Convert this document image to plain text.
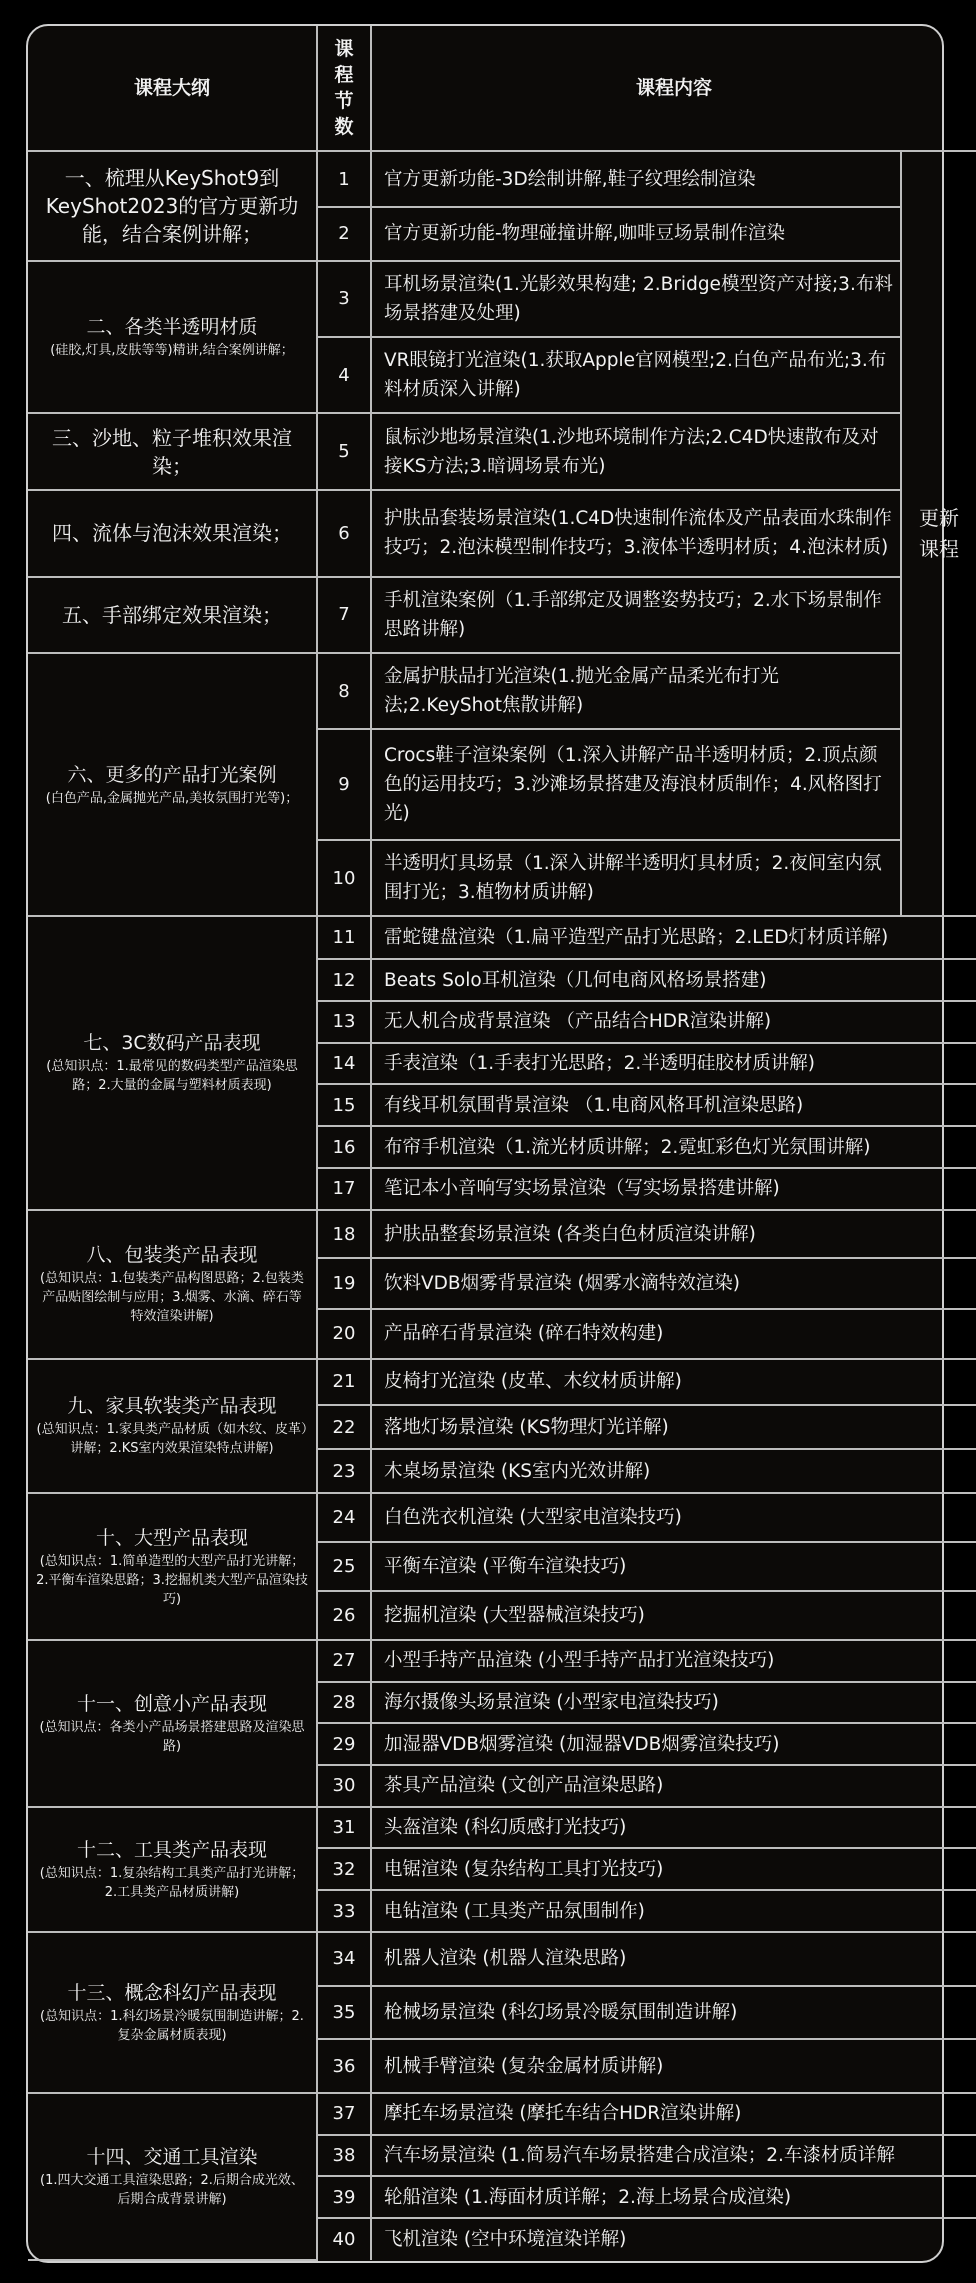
课程大纲	课程节数	课程内容	

一、梳理从KeyShot9到KeyShot2023的官方更新功能，结合案例讲解；	1	官方更新功能-3D绘制讲解,鞋子纹理绘制渲染	更新课程
	2	官方更新功能-物理碰撞讲解,咖啡豆场景制作渲染	

二、各类半透明材质
(硅胶,灯具,皮肤等等)精讲,结合案例讲解；	3	耳机场景渲染(1.光影效果构建; 2.Bridge模型资产对接;3.布料场景搭建及处理)	
	4	VR眼镜打光渲染(1.获取Apple官网模型;2.白色产品布光;3.布料材质深入讲解)	

三、沙地、粒子堆积效果渲染；	5	鼠标沙地场景渲染(1.沙地环境制作方法;2.C4D快速散布及对接KS方法;3.暗调场景布光)	

四、流体与泡沫效果渲染；	6	护肤品套装场景渲染(1.C4D快速制作流体及产品表面水珠制作技巧；2.泡沫模型制作技巧；3.液体半透明材质；4.泡沫材质)	

五、手部绑定效果渲染；	7	手机渲染案例（1.手部绑定及调整姿势技巧；2.水下场景制作思路讲解)	

六、更多的产品打光案例
(白色产品,金属抛光产品,美妆氛围打光等)；	8	金属护肤品打光渲染(1.抛光金属产品柔光布打光法;2.KeyShot焦散讲解)	
	9	Crocs鞋子渲染案例（1.深入讲解产品半透明材质；2.顶点颜色的运用技巧；3.沙滩场景搭建及海浪材质制作；4.风格图打光)	
	10	半透明灯具场景（1.深入讲解半透明灯具材质；2.夜间室内氛围打光；3.植物材质讲解)	

七、3C数码产品表现
(总知识点：1.最常见的数码类型产品渲染思路；2.大量的金属与塑料材质表现)	11	雷蛇键盘渲染（1.扁平造型产品打光思路；2.LED灯材质详解)	
	12	Beats Solo耳机渲染（几何电商风格场景搭建)	
	13	无人机合成背景渲染 （产品结合HDR渲染讲解)	
	14	手表渲染（1.手表打光思路；2.半透明硅胶材质讲解)	
	15	有线耳机氛围背景渲染 （1.电商风格耳机渲染思路)	
	16	布帘手机渲染（1.流光材质讲解；2.霓虹彩色灯光氛围讲解)	
	17	笔记本小音响写实场景渲染（写实场景搭建讲解)	

八、包装类产品表现
(总知识点：1.包装类产品构图思路；2.包装类产品贴图绘制与应用；3.烟雾、水滴、碎石等特效渲染讲解)	18	护肤品整套场景渲染 (各类白色材质渲染讲解)	
	19	饮料VDB烟雾背景渲染 (烟雾水滴特效渲染)	
	20	产品碎石背景渲染 (碎石特效构建)	

九、家具软装类产品表现
(总知识点：1.家具类产品材质（如木纹、皮革）讲解；2.KS室内效果渲染特点讲解)	21	皮椅打光渲染 (皮革、木纹材质讲解)	
	22	落地灯场景渲染 (KS物理灯光详解)	
	23	木桌场景渲染 (KS室内光效讲解)	

十、大型产品表现
(总知识点：1.简单造型的大型产品打光讲解；2.平衡车渲染思路；3.挖掘机类大型产品渲染技巧)	24	白色洗衣机渲染 (大型家电渲染技巧)	
	25	平衡车渲染 (平衡车渲染技巧)	
	26	挖掘机渲染 (大型器械渲染技巧)	

十一、创意小产品表现
(总知识点：各类小产品场景搭建思路及渲染思路)	27	小型手持产品渲染 (小型手持产品打光渲染技巧)	
	28	海尔摄像头场景渲染 (小型家电渲染技巧)	
	29	加湿器VDB烟雾渲染 (加湿器VDB烟雾渲染技巧)	
	30	茶具产品渲染 (文创产品渲染思路)	

十二、工具类产品表现
(总知识点：1.复杂结构工具类产品打光讲解；2.工具类产品材质讲解)	31	头盔渲染 (科幻质感打光技巧)	
	32	电锯渲染 (复杂结构工具打光技巧)	
	33	电钻渲染 (工具类产品氛围制作)	

十三、概念科幻产品表现
(总知识点：1.科幻场景冷暖氛围制造讲解；2.复杂金属材质表现)	34	机器人渲染 (机器人渲染思路)	
	35	枪械场景渲染 (科幻场景冷暖氛围制造讲解)	
	36	机械手臂渲染 (复杂金属材质讲解)	

十四、交通工具渲染
(1.四大交通工具渲染思路；2.后期合成光效、后期合成背景讲解)	37	摩托车场景渲染 (摩托车结合HDR渲染讲解)	
	38	汽车场景渲染 (1.简易汽车场景搭建合成渲染；2.车漆材质详解	
	39	轮船渲染 (1.海面材质详解；2.海上场景合成渲染)	
	40	飞机渲染 (空中环境渲染详解)	
